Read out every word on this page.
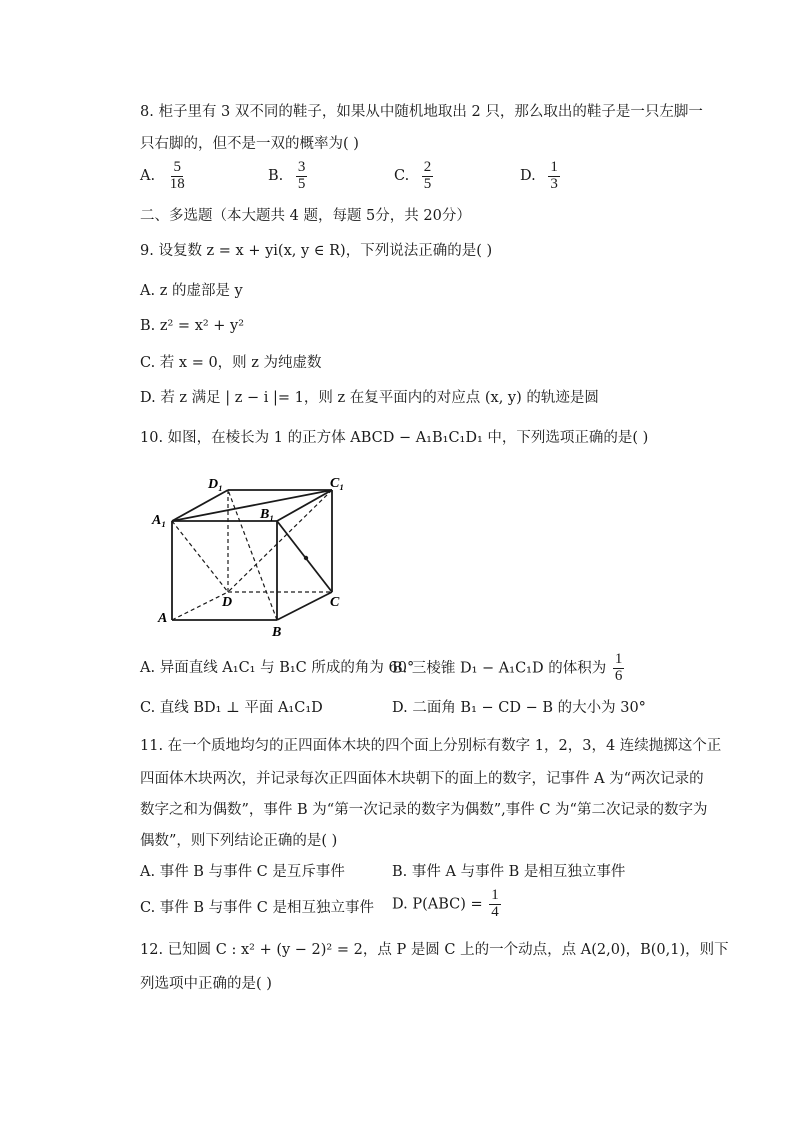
8. 柜子里有 3 双不同的鞋子，如果从中随机地取出 2 只，那么取出的鞋子是一只左脚一
只右脚的，但不是一双的概率为( )
A. $\frac{5}{18}$	B. $\frac{3}{5}$	C. $\frac{2}{5}$	D. $\frac{1}{3}$
二、多选题（本大题共 4 题，每题 5分，共 20分）
9. 设复数 z = x + yi(x, y ∈ R)，下列说法正确的是( )
A. z 的虚部是 y
B. z² = x² + y²
C. 若 x = 0，则 z 为纯虚数
D. 若 z 满足 | z − i |= 1，则 z 在复平面内的对应点 (x, y) 的轨迹是圆
10. 如图，在棱长为 1 的正方体 ABCD − A₁B₁C₁D₁ 中，下列选项正确的是( )
D₁	C₁
A₁	B₁
D	C
A
B
A. 异面直线 A₁C₁ 与 B₁C 所成的角为 60°
B. 三棱锥 D₁ − A₁C₁D 的体积为 $\frac{1}{6}$
C. 直线 BD₁ ⊥ 平面 A₁C₁D	D. 二面角 B₁ − CD − B 的大小为 30°
11. 在一个质地均匀的正四面体木块的四个面上分别标有数字 1，2，3，4 连续抛掷这个正
四面体木块两次，并记录每次正四面体木块朝下的面上的数字，记事件 A 为“两次记录的
数字之和为偶数”，事件 B 为“第一次记录的数字为偶数”,事件 C 为“第二次记录的数字为
偶数”，则下列结论正确的是( )
A. 事件 B 与事件 C 是互斥事件	B. 事件 A 与事件 B 是相互独立事件
C. 事件 B 与事件 C 是相互独立事件 D. $P(ABC) = \frac{1}{4}$
12. 已知圆 C : x² + (y − 2)² = 2，点 P 是圆 C 上的一个动点，点 A(2,0)，B(0,1)，则下
列选项中正确的是( )
